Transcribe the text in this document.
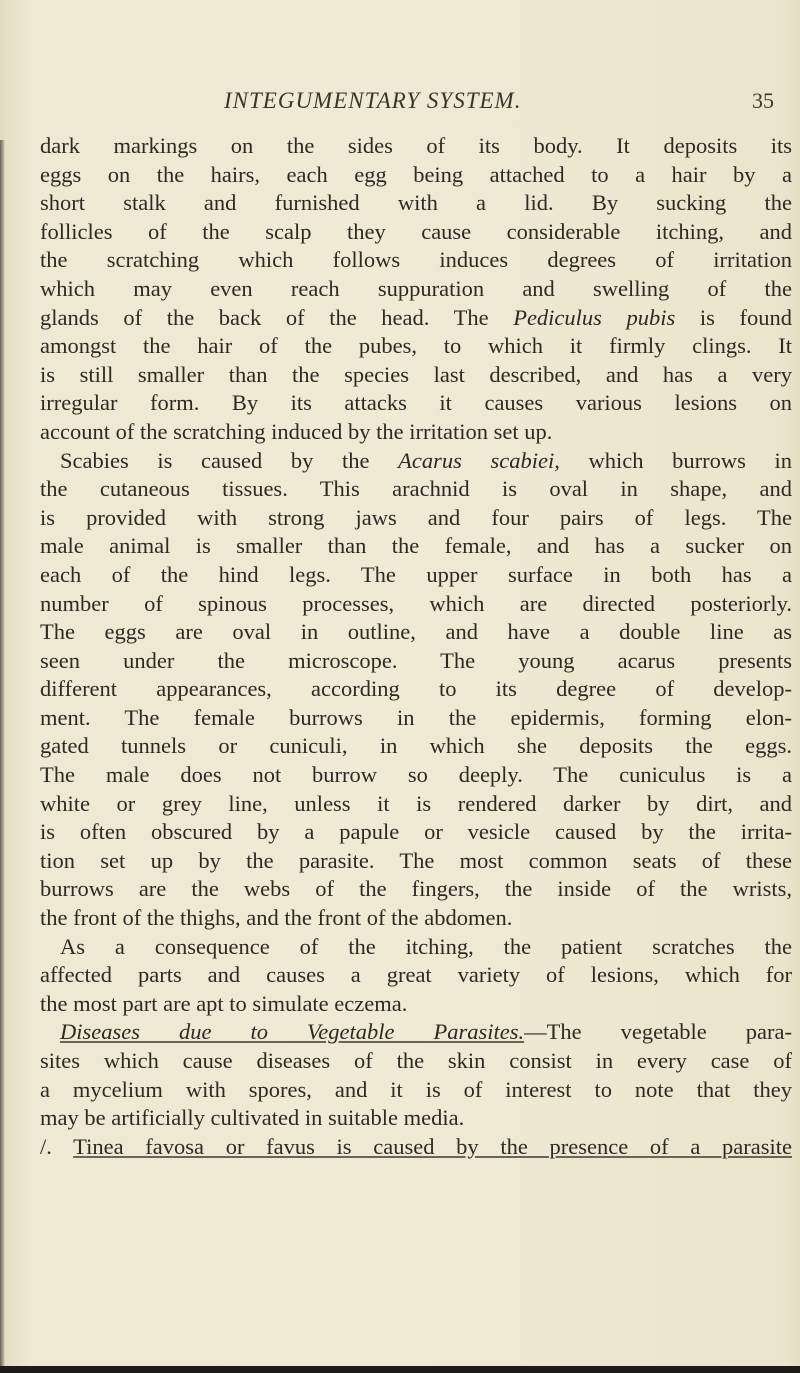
INTEGUMENTARY SYSTEM.	35
dark markings on the sides of its body. It deposits its
eggs on the hairs, each egg being attached to a hair by a
short stalk and furnished with a lid. By sucking the
follicles of the scalp they cause considerable itching, and
the scratching which follows induces degrees of irritation
which may even reach suppuration and swelling of the
glands of the back of the head. The Pediculus pubis is found
amongst the hair of the pubes, to which it firmly clings. It
is still smaller than the species last described, and has a very
irregular form. By its attacks it causes various lesions on
account of the scratching induced by the irritation set up.
Scabies is caused by the Acarus scabiei, which burrows in
the cutaneous tissues. This arachnid is oval in shape, and
is provided with strong jaws and four pairs of legs. The
male animal is smaller than the female, and has a sucker on
each of the hind legs. The upper surface in both has a
number of spinous processes, which are directed posteriorly.
The eggs are oval in outline, and have a double line as
seen under the microscope. The young acarus presents
different appearances, according to its degree of develop-
ment. The female burrows in the epidermis, forming elon-
gated tunnels or cuniculi, in which she deposits the eggs.
The male does not burrow so deeply. The cuniculus is a
white or grey line, unless it is rendered darker by dirt, and
is often obscured by a papule or vesicle caused by the irrita-
tion set up by the parasite. The most common seats of these
burrows are the webs of the fingers, the inside of the wrists,
the front of the thighs, and the front of the abdomen.
As a consequence of the itching, the patient scratches the
affected parts and causes a great variety of lesions, which for
the most part are apt to simulate eczema.
Diseases due to Vegetable Parasites.—The vegetable para-
sites which cause diseases of the skin consist in every case of
a mycelium with spores, and it is of interest to note that they
may be artificially cultivated in suitable media.
/. Tinea favosa or favus is caused by the presence of a parasite
